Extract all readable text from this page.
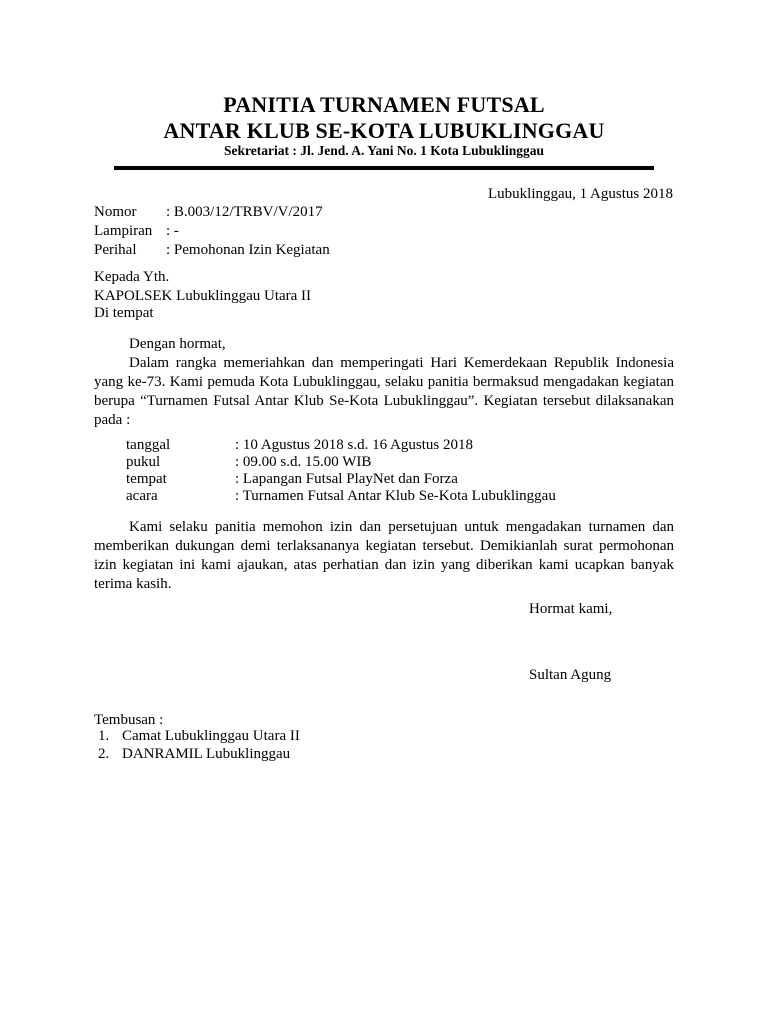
PANITIA TURNAMEN FUTSAL
ANTAR KLUB SE-KOTA LUBUKLINGGAU
Sekretariat : Jl. Jend. A. Yani No. 1 Kota Lubuklinggau
Lubuklinggau, 1 Agustus 2018
Nomor : B.003/12/TRBV/V/2017
Lampiran : -
Perihal : Pemohonan Izin Kegiatan
Kepada Yth.
KAPOLSEK Lubuklinggau Utara II
Di tempat
Dengan hormat,
Dalam rangka memeriahkan dan memperingati Hari Kemerdekaan Republik Indonesia yang ke-73. Kami pemuda Kota Lubuklinggau, selaku panitia bermaksud mengadakan kegiatan berupa “Turnamen Futsal Antar Klub Se-Kota Lubuklinggau”. Kegiatan tersebut dilaksanakan pada :
tanggal	: 10 Agustus 2018 s.d. 16 Agustus 2018
pukul	: 09.00 s.d. 15.00 WIB
tempat	: Lapangan Futsal PlayNet dan Forza
acara	: Turnamen Futsal Antar Klub Se-Kota Lubuklinggau
Kami selaku panitia memohon izin dan persetujuan untuk mengadakan turnamen dan memberikan dukungan demi terlaksananya kegiatan tersebut. Demikianlah surat permohonan izin kegiatan ini kami ajaukan, atas perhatian dan izin yang diberikan kami ucapkan banyak terima kasih.
Hormat kami,
Sultan Agung
Tembusan :
1. Camat Lubuklinggau Utara II
2. DANRAMIL Lubuklinggau
